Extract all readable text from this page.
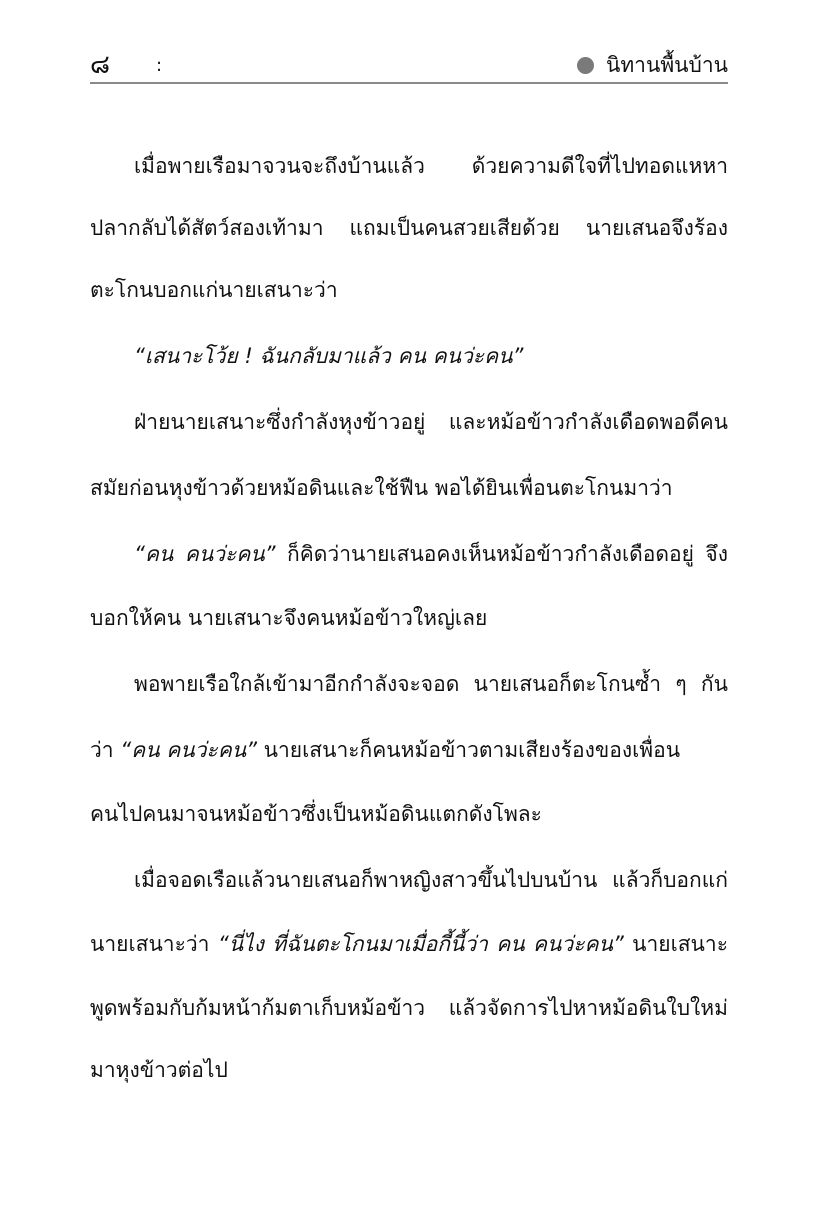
๘	:	นิทานพื้นบ้าน
เมื่อพายเรือมาจวนจะถึงบ้านแล้ว ด้วยความดีใจที่ไปทอดแหหา
ปลากลับได้สัตว์สองเท้ามา แถมเป็นคนสวยเสียด้วย นายเสนอจึงร้อง
ตะโกนบอกแก่นายเสนาะว่า
“เสนาะโว้ย ! ฉันกลับมาแล้ว คน คนว่ะคน”
ฝ่ายนายเสนาะซึ่งกำลังหุงข้าวอยู่ และหม้อข้าวกำลังเดือดพอดีคน
สมัยก่อนหุงข้าวด้วยหม้อดินและใช้ฟืน พอได้ยินเพื่อนตะโกนมาว่า
“คน คนว่ะคน” ก็คิดว่านายเสนอคงเห็นหม้อข้าวกำลังเดือดอยู่ จึง
บอกให้คน นายเสนาะจึงคนหม้อข้าวใหญ่เลย
พอพายเรือใกล้เข้ามาอีกกำลังจะจอด นายเสนอก็ตะโกนซ้ำ ๆ กัน
ว่า “คน คนว่ะคน” นายเสนาะก็คนหม้อข้าวตามเสียงร้องของเพื่อน
คนไปคนมาจนหม้อข้าวซึ่งเป็นหม้อดินแตกดังโพละ
เมื่อจอดเรือแล้วนายเสนอก็พาหญิงสาวขึ้นไปบนบ้าน แล้วก็บอกแก่
นายเสนาะว่า “นี่ไง ที่ฉันตะโกนมาเมื่อกี้นี้ว่า คน คนว่ะคน” นายเสนาะ
พูดพร้อมกับก้มหน้าก้มตาเก็บหม้อข้าว แล้วจัดการไปหาหม้อดินใบใหม่
มาหุงข้าวต่อไป
